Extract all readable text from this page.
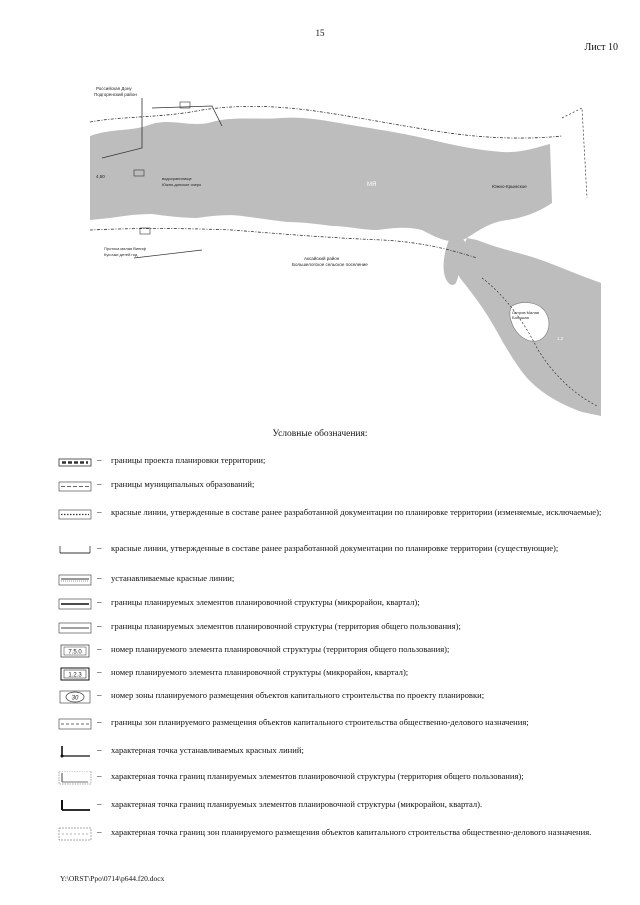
15
Лист 10
Российская Дону
Подгоренский район
МЯ
4,50	водохранилище
Южно-донское озеро
Протока малая Виниф
Кусочки детей год
Аксайский район
Большелогское сельское поселение
Южно-Крымское
Остров Малая
Большая
1,2
Условные обозначения:
– границы проекта планировки территории;
– границы муниципальных образований;
– красные линии, утвержденные в составе ранее разработанной документации по планировке территории (изменяемые, исключаемые);
– красные линии, утвержденные в составе ранее разработанной документации по планировке территории (существующие);
– устанавливаемые красные линии;
– границы планируемых элементов планировочной структуры (микрорайон, квартал);
– границы планируемых элементов планировочной структуры (территория общего пользования);
7.5.0 – номер планируемого элемента планировочной структуры (территория общего пользования);
1.2.3 – номер планируемого элемента планировочной структуры (микрорайон, квартал);
30 – номер зоны планируемого размещения объектов капитального строительства по проекту планировки;
– границы зон планируемого размещения объектов капитального строительства общественно-делового назначения;
– характерная точка устанавливаемых красных линий;
– характерная точка границ планируемых элементов планировочной структуры (территория общего пользования);
– характерная точка границ планируемых элементов планировочной структуры (микрорайон, квартал).
– характерная точка границ зон планируемого размещения объектов капитального строительства общественно-делового назначения.
Y:\ORST\Ppo\0714\p644.f20.docx
